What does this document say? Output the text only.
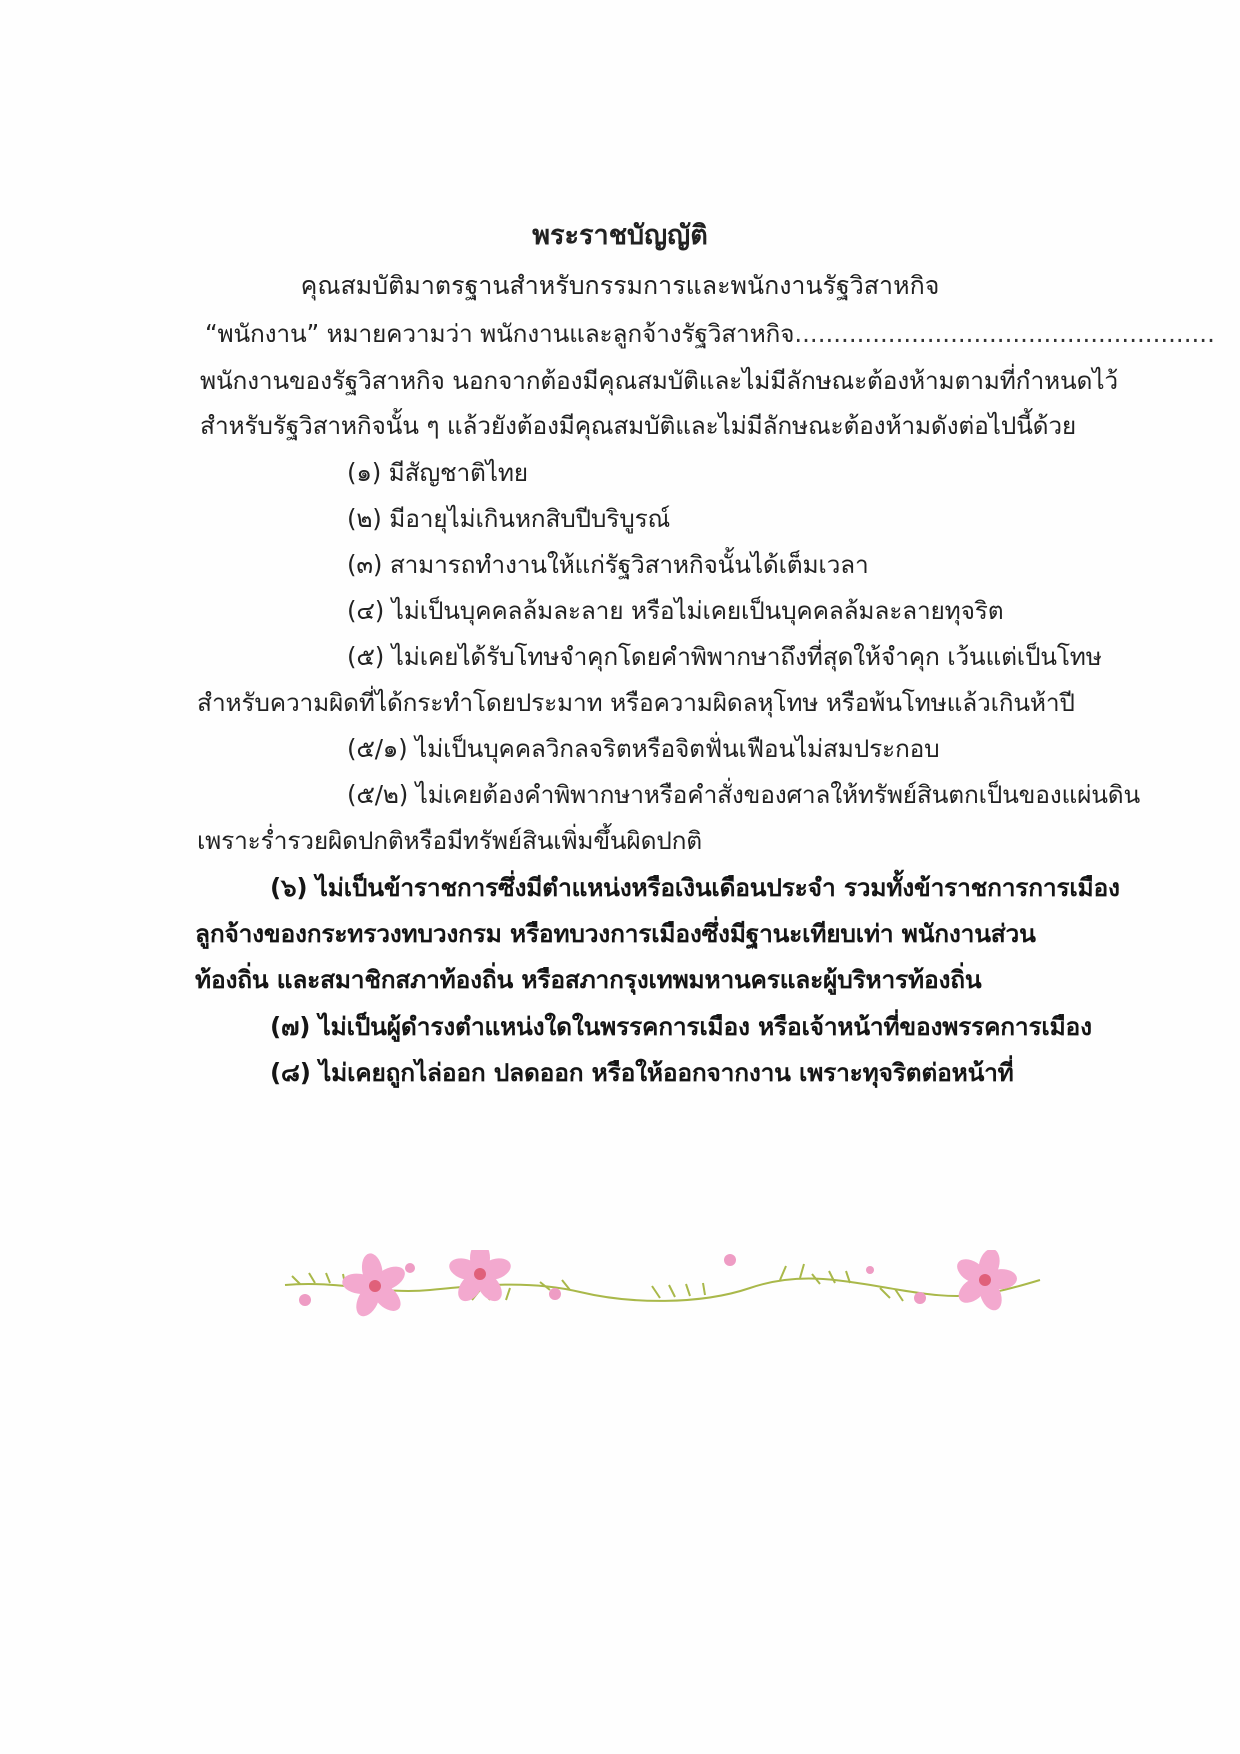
พระราชบัญญัติ
คุณสมบัติมาตรฐานสำหรับกรรมการและพนักงานรัฐวิสาหกิจ
“พนักงาน” หมายความว่า พนักงานและลูกจ้างรัฐวิสาหกิจ......................................................
พนักงานของรัฐวิสาหกิจ นอกจากต้องมีคุณสมบัติและไม่มีลักษณะต้องห้ามตามที่กำหนดไว้
สำหรับรัฐวิสาหกิจนั้น ๆ แล้วยังต้องมีคุณสมบัติและไม่มีลักษณะต้องห้ามดังต่อไปนี้ด้วย
(๑) มีสัญชาติไทย
(๒) มีอายุไม่เกินหกสิบปีบริบูรณ์
(๓) สามารถทำงานให้แก่รัฐวิสาหกิจนั้นได้เต็มเวลา
(๔) ไม่เป็นบุคคลล้มละลาย หรือไม่เคยเป็นบุคคลล้มละลายทุจริต
(๕) ไม่เคยได้รับโทษจำคุกโดยคำพิพากษาถึงที่สุดให้จำคุก เว้นแต่เป็นโทษ
สำหรับความผิดที่ได้กระทำโดยประมาท หรือความผิดลหุโทษ หรือพ้นโทษแล้วเกินห้าปี
(๕/๑) ไม่เป็นบุคคลวิกลจริตหรือจิตฟั่นเฟือนไม่สมประกอบ
(๕/๒) ไม่เคยต้องคำพิพากษาหรือคำสั่งของศาลให้ทรัพย์สินตกเป็นของแผ่นดิน
เพราะร่ำรวยผิดปกติหรือมีทรัพย์สินเพิ่มขึ้นผิดปกติ
(๖) ไม่เป็นข้าราชการซึ่งมีตำแหน่งหรือเงินเดือนประจำ รวมทั้งข้าราชการการเมือง
ลูกจ้างของกระทรวงทบวงกรม หรือทบวงการเมืองซึ่งมีฐานะเทียบเท่า พนักงานส่วน
ท้องถิ่น และสมาชิกสภาท้องถิ่น หรือสภากรุงเทพมหานครและผู้บริหารท้องถิ่น
(๗) ไม่เป็นผู้ดำรงตำแหน่งใดในพรรคการเมือง หรือเจ้าหน้าที่ของพรรคการเมือง
(๘) ไม่เคยถูกไล่ออก ปลดออก หรือให้ออกจากงาน เพราะทุจริตต่อหน้าที่
